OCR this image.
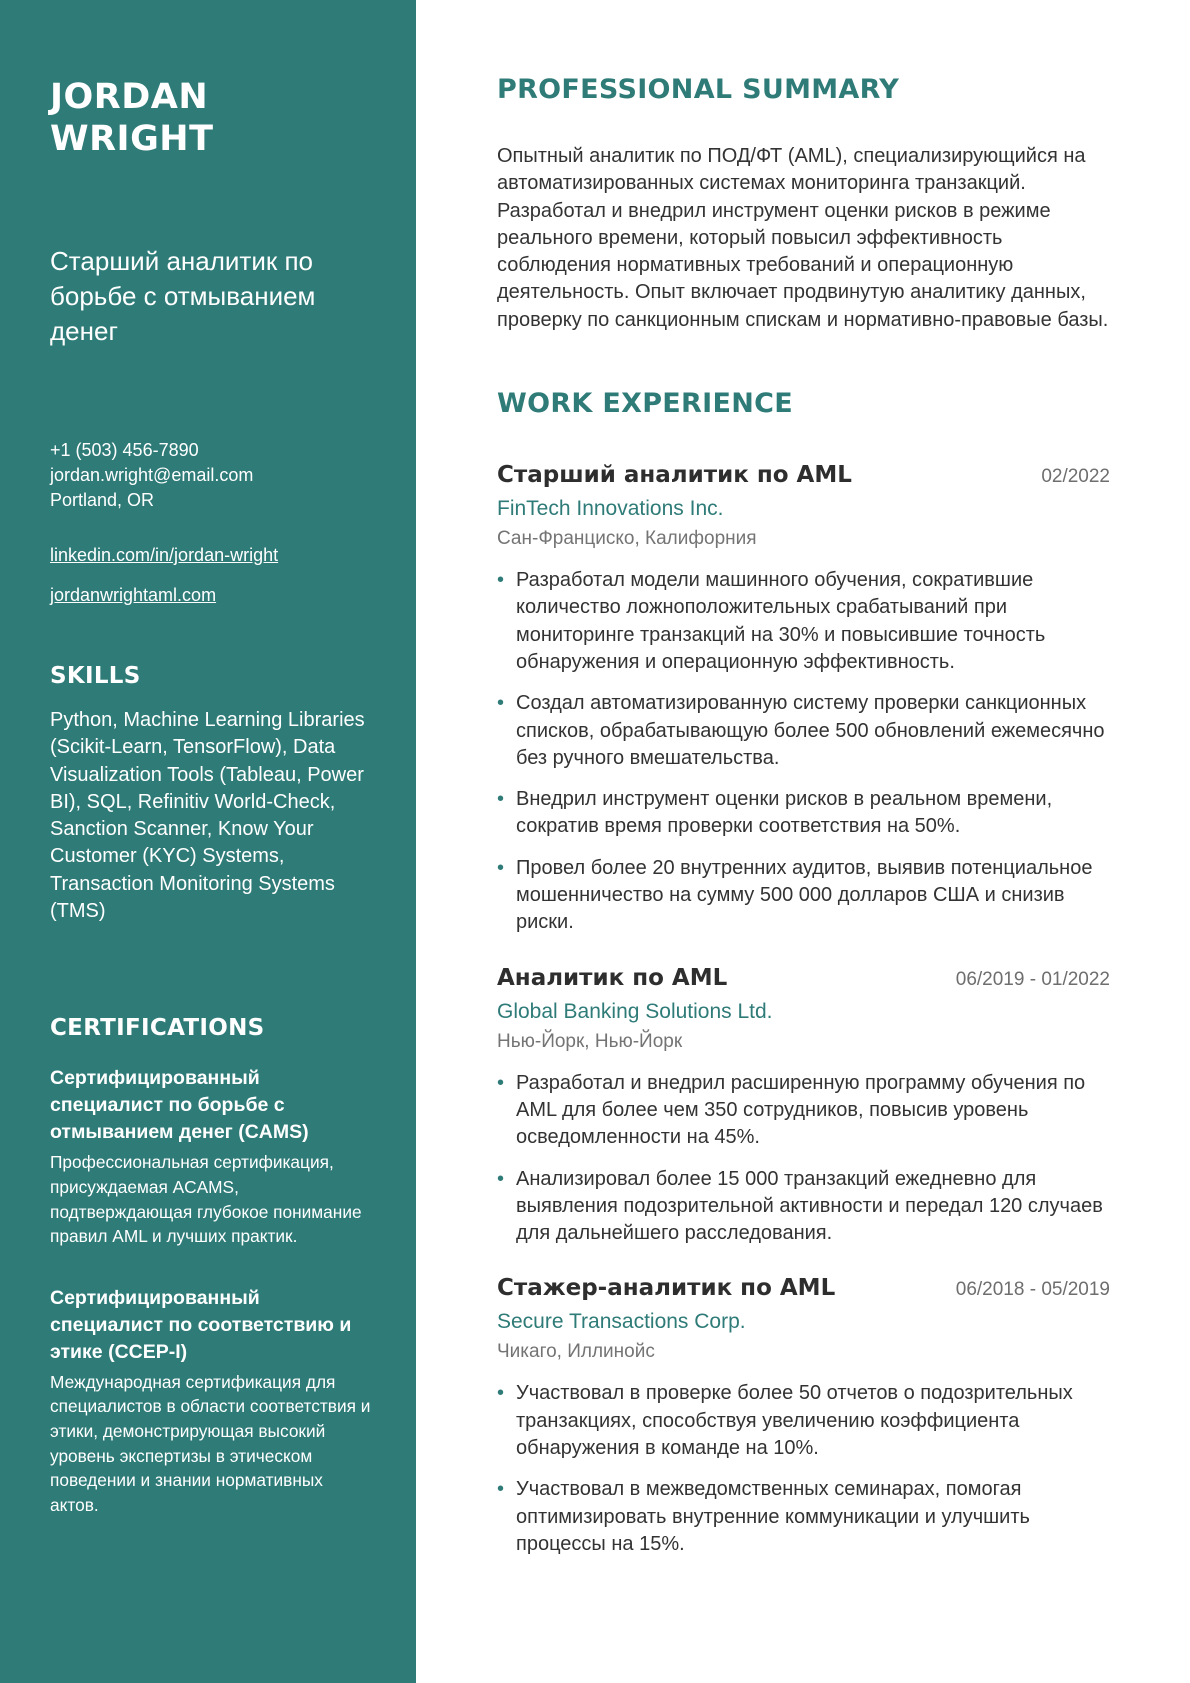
JORDAN WRIGHT
Старший аналитик по борьбе с отмыванием денег
+1 (503) 456-7890
jordan.wright@email.com
Portland, OR
linkedin.com/in/jordan-wright
jordanwrightaml.com
SKILLS
Python, Machine Learning Libraries (Scikit-Learn, TensorFlow), Data Visualization Tools (Tableau, Power BI), SQL, Refinitiv World-Check, Sanction Scanner, Know Your Customer (KYC) Systems, Transaction Monitoring Systems (TMS)
CERTIFICATIONS
Сертифицированный специалист по борьбе с отмыванием денег (CAMS)
Профессиональная сертификация, присуждаемая ACAMS, подтверждающая глубокое понимание правил AML и лучших практик.
Сертифицированный специалист по соответствию и этике (CCEP-I)
Международная сертификация для специалистов в области соответствия и этики, демонстрирующая высокий уровень экспертизы в этическом поведении и знании нормативных актов.
PROFESSIONAL SUMMARY

Опытный аналитик по ПОД/ФТ (AML), специализирующийся на автоматизированных системах мониторинга транзакций. Разработал и внедрил инструмент оценки рисков в режиме реального времени, который повысил эффективность соблюдения нормативных требований и операционную деятельность. Опыт включает продвинутую аналитику данных, проверку по санкционным спискам и нормативно-правовые базы.

WORK EXPERIENCE
Старший аналитик по AML	02/2022
FinTech Innovations Inc.
Сан-Франциско, Калифорния
• Разработал модели машинного обучения, сократившие количество ложноположительных срабатываний при мониторинге транзакций на 30% и повысившие точность обнаружения и операционную эффективность.
• Создал автоматизированную систему проверки санкционных списков, обрабатывающую более 500 обновлений ежемесячно без ручного вмешательства.
• Внедрил инструмент оценки рисков в реальном времени, сократив время проверки соответствия на 50%.
• Провел более 20 внутренних аудитов, выявив потенциальное мошенничество на сумму 500 000 долларов США и снизив риски.
Аналитик по AML	06/2019 - 01/2022
Global Banking Solutions Ltd.
Нью-Йорк, Нью-Йорк
• Разработал и внедрил расширенную программу обучения по AML для более чем 350 сотрудников, повысив уровень осведомленности на 45%.
• Анализировал более 15 000 транзакций ежедневно для выявления подозрительной активности и передал 120 случаев для дальнейшего расследования.
Стажер-аналитик по AML	06/2018 - 05/2019
Secure Transactions Corp.
Чикаго, Иллинойс
• Участвовал в проверке более 50 отчетов о подозрительных транзакциях, способствуя увеличению коэффициента обнаружения в команде на 10%.
• Участвовал в межведомственных семинарах, помогая оптимизировать внутренние коммуникации и улучшить процессы на 15%.
